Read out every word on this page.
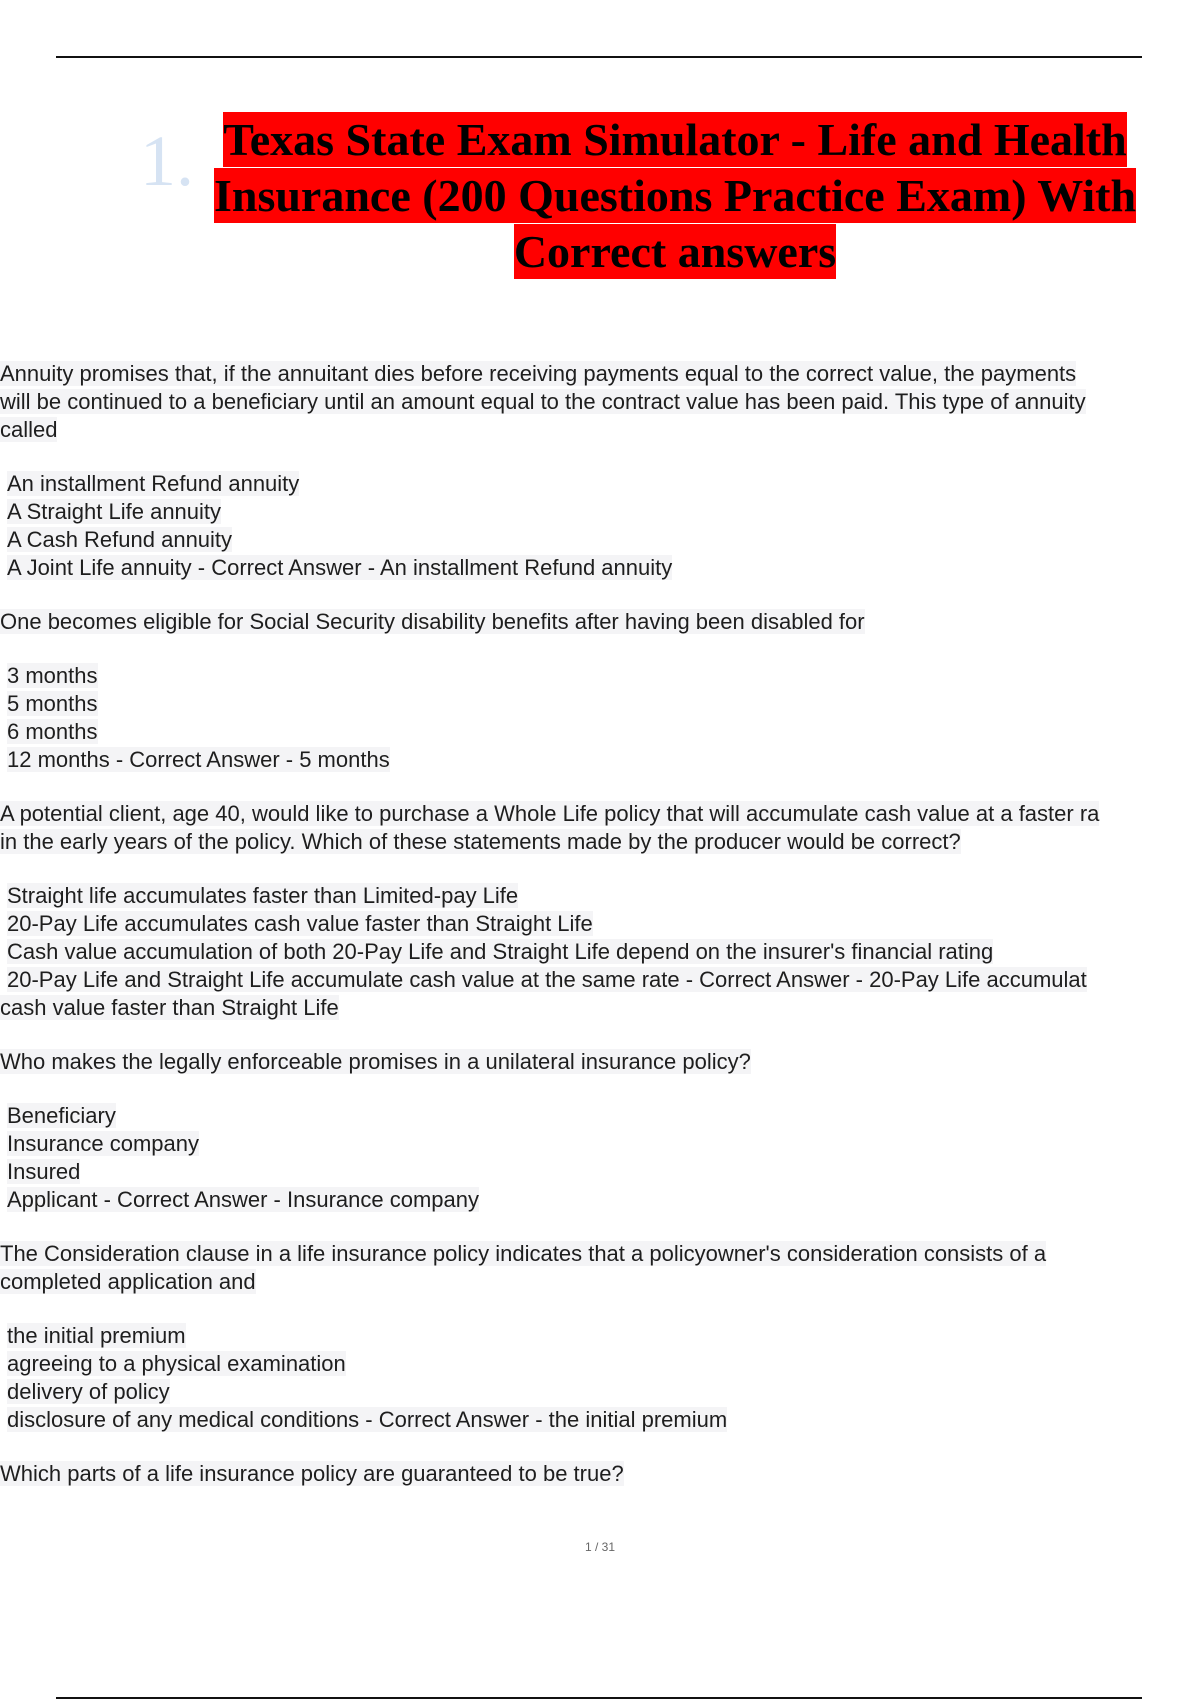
1. Texas State Exam Simulator - Life and Health
Insurance (200 Questions Practice Exam) With
Correct answers
Annuity promises that, if the annuitant dies before receiving payments equal to the correct value, the payments
will be continued to a beneficiary until an amount equal to the contract value has been paid. This type of annuity
called
An installment Refund annuity
A Straight Life annuity
A Cash Refund annuity
A Joint Life annuity - Correct Answer - An installment Refund annuity
One becomes eligible for Social Security disability benefits after having been disabled for
3 months
5 months
6 months
12 months - Correct Answer - 5 months
A potential client, age 40, would like to purchase a Whole Life policy that will accumulate cash value at a faster ra
in the early years of the policy. Which of these statements made by the producer would be correct?
Straight life accumulates faster than Limited-pay Life
20-Pay Life accumulates cash value faster than Straight Life
Cash value accumulation of both 20-Pay Life and Straight Life depend on the insurer's financial rating
20-Pay Life and Straight Life accumulate cash value at the same rate - Correct Answer - 20-Pay Life accumulat
cash value faster than Straight Life
Who makes the legally enforceable promises in a unilateral insurance policy?
Beneficiary
Insurance company
Insured
Applicant - Correct Answer - Insurance company
The Consideration clause in a life insurance policy indicates that a policyowner's consideration consists of a
completed application and
the initial premium
agreeing to a physical examination
delivery of policy
disclosure of any medical conditions - Correct Answer - the initial premium
Which parts of a life insurance policy are guaranteed to be true?
1 / 31
